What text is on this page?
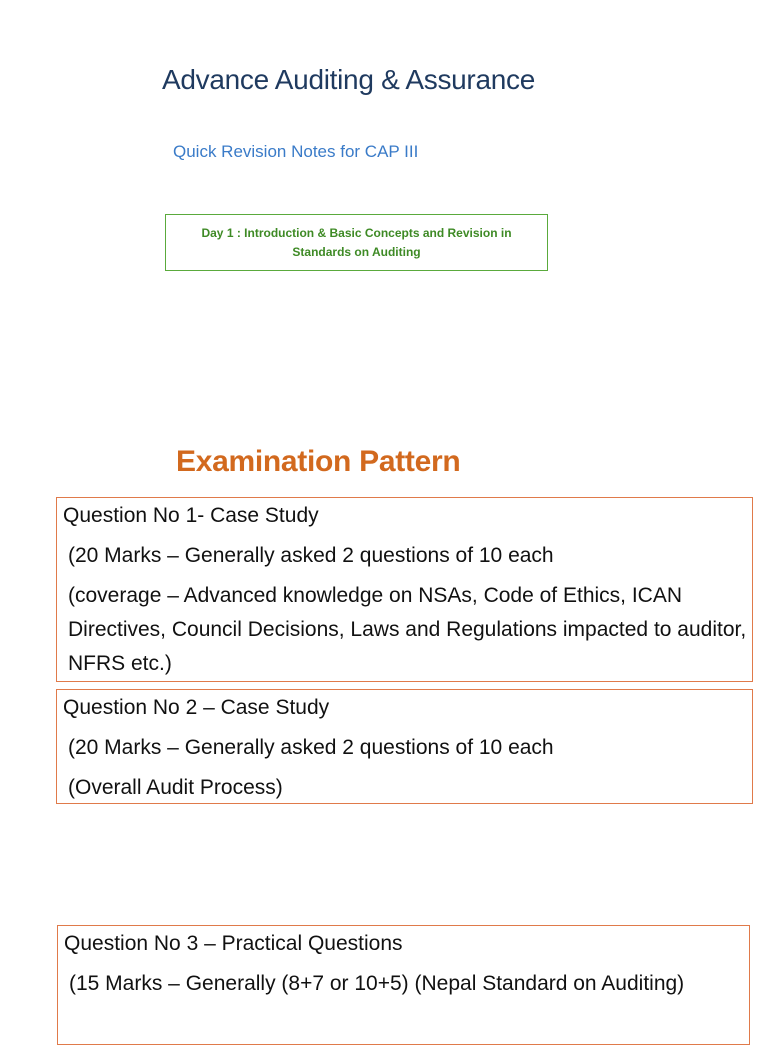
Advance Auditing & Assurance
Quick Revision Notes for CAP III
Day 1 : Introduction & Basic Concepts and Revision in Standards on Auditing
Examination Pattern

Question No 1- Case Study

(20 Marks – Generally asked 2 questions of 10 each

(coverage – Advanced knowledge on NSAs, Code of Ethics, ICAN Directives, Council Decisions, Laws and Regulations impacted to auditor, NFRS etc.)

Question No 2 – Case Study

(20 Marks – Generally asked 2 questions of 10 each

(Overall Audit Process)

Question No 3 – Practical Questions

(15 Marks – Generally (8+7 or 10+5) (Nepal Standard on Auditing)
